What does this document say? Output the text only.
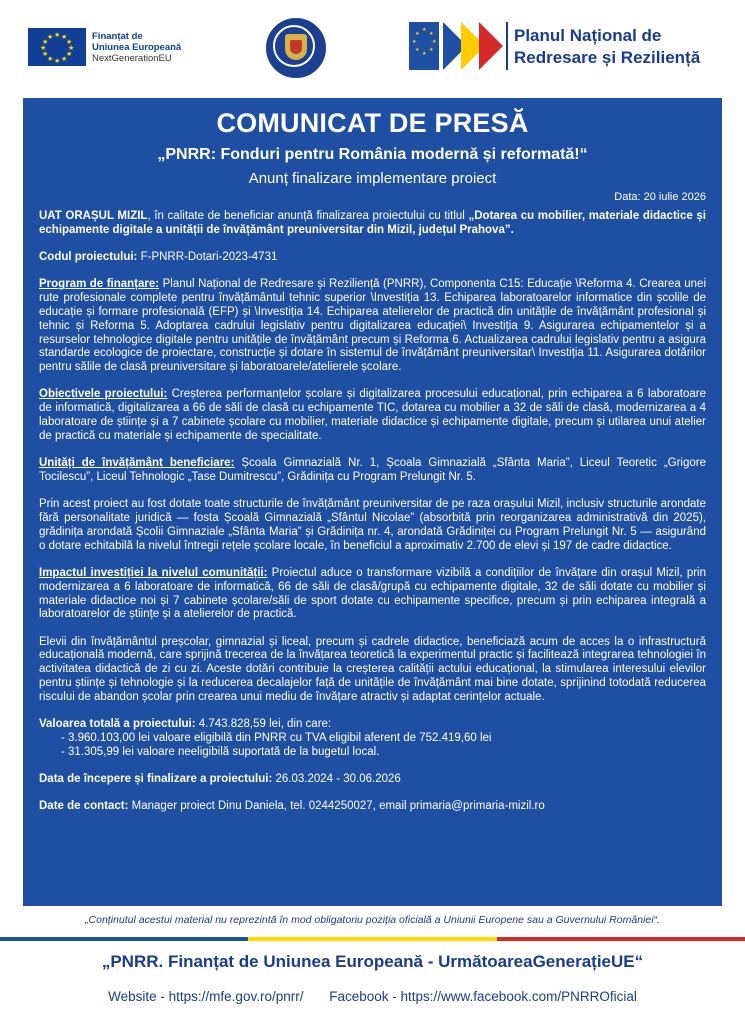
★ ★
★
★
★
★
★
★
★
★
★
★	Finanțat de
Uniunea Europeană
NextGenerationEU
★
★
★
★
★
★
★
★	Planul Național de
Redresare și Reziliență
COMUNICAT DE PRESĂ
„PNRR: Fonduri pentru România modernă și reformată!“
Anunț finalizare implementare proiect
Data: 20 iulie 2026

UAT ORAȘUL MIZIL, în calitate de beneficiar anunță finalizarea proiectului cu titlul „Dotarea cu mobilier, materiale didactice și echipamente digitale a unității de învățământ preuniversitar din Mizil, județul Prahova”.

Codul proiectului: F-PNRR-Dotari-2023-4731

Program de finanțare: Planul Național de Redresare și Reziliență (PNRR), Componenta C15: Educație \Reforma 4. Crearea unei rute profesionale complete pentru învățământul tehnic superior \Investiția 13. Echiparea laboratoarelor informatice din școlile de educație și formare profesională (EFP) și \Investiția 14. Echiparea atelierelor de practică din unitățile de învățământ profesional și tehnic și Reforma 5. Adoptarea cadrului legislativ pentru digitalizarea educației\ Investiția 9. Asigurarea echipamentelor și a resurselor tehnologice digitale pentru unitățile de învățământ precum și Reforma 6. Actualizarea cadrului legislativ pentru a asigura standarde ecologice de proiectare, construcție și dotare în sistemul de învățământ preuniversitar\ Investiția 11. Asigurarea dotărilor pentru sălile de clasă preuniversitare și laboratoarele/atelierele școlare.

Obiectivele proiectului: Creșterea performanțelor școlare și digitalizarea procesului educațional, prin echiparea a 6 laboratoare de informatică, digitalizarea a 66 de săli de clasă cu echipamente TIC, dotarea cu mobilier a 32 de săli de clasă, modernizarea a 4 laboratoare de științe și a 7 cabinete școlare cu mobilier, materiale didactice și echipamente digitale, precum și utilarea unui atelier de practică cu materiale și echipamente de specialitate.

Unități de învățământ beneficiare: Școala Gimnazială Nr. 1, Școala Gimnazială „Sfânta Maria”, Liceul Teoretic „Grigore Tocilescu”, Liceul Tehnologic „Tase Dumitrescu”, Grădinița cu Program Prelungit Nr. 5.

Prin acest proiect au fost dotate toate structurile de învățământ preuniversitar de pe raza orașului Mizil, inclusiv structurile arondate fără personalitate juridică — fosta Școală Gimnazială „Sfântul Nicolae” (absorbită prin reorganizarea administrativă din 2025), grădinița arondată Școlii Gimnaziale „Sfânta Maria” și Grădinița nr. 4, arondată Grădiniței cu Program Prelungit Nr. 5 — asigurând o dotare echitabilă la nivelul întregii rețele școlare locale, în beneficiul a aproximativ 2.700 de elevi și 197 de cadre didactice.

Impactul investiției la nivelul comunității: Proiectul aduce o transformare vizibilă a condițiilor de învățare din orașul Mizil, prin modernizarea a 6 laboratoare de informatică, 66 de săli de clasă/grupă cu echipamente digitale, 32 de săli dotate cu mobilier și materiale didactice noi și 7 cabinete școlare/săli de sport dotate cu echipamente specifice, precum și prin echiparea integrală a laboratoarelor de științe și a atelierelor de practică.

Elevii din învățământul preșcolar, gimnazial și liceal, precum și cadrele didactice, beneficiază acum de acces la o infrastructură educațională modernă, care sprijină trecerea de la învățarea teoretică la experimentul practic și facilitează integrarea tehnologiei în activitatea didactică de zi cu zi. Aceste dotări contribuie la creșterea calității actului educațional, la stimularea interesului elevilor pentru științe și tehnologie și la reducerea decalajelor față de unitățile de învățământ mai bine dotate, sprijinind totodată reducerea riscului de abandon școlar prin crearea unui mediu de învățare atractiv și adaptat cerințelor actuale.

Valoarea totală a proiectului: 4.743.828,59 lei, din care:
- 3.960.103,00 lei valoare eligibilă din PNRR cu TVA eligibil aferent de 752.419,60 lei
- 31.305,99 lei valoare neeligibilă suportată de la bugetul local.

Data de începere și finalizare a proiectului: 26.03.2024 - 30.06.2026

Date de contact: Manager proiect Dinu Daniela, tel. 0244250027, email primaria@primaria-mizil.ro

„Conținutul acestui material nu reprezintă în mod obligatoriu poziția oficială a Uniunii Europene sau a Guvernului României“.
„PNRR. Finanțat de Uniunea Europeană - UrmătoareaGenerațieUE“
Website - https://mfe.gov.ro/pnrr/ Facebook - https://www.facebook.com/PNRROficial
